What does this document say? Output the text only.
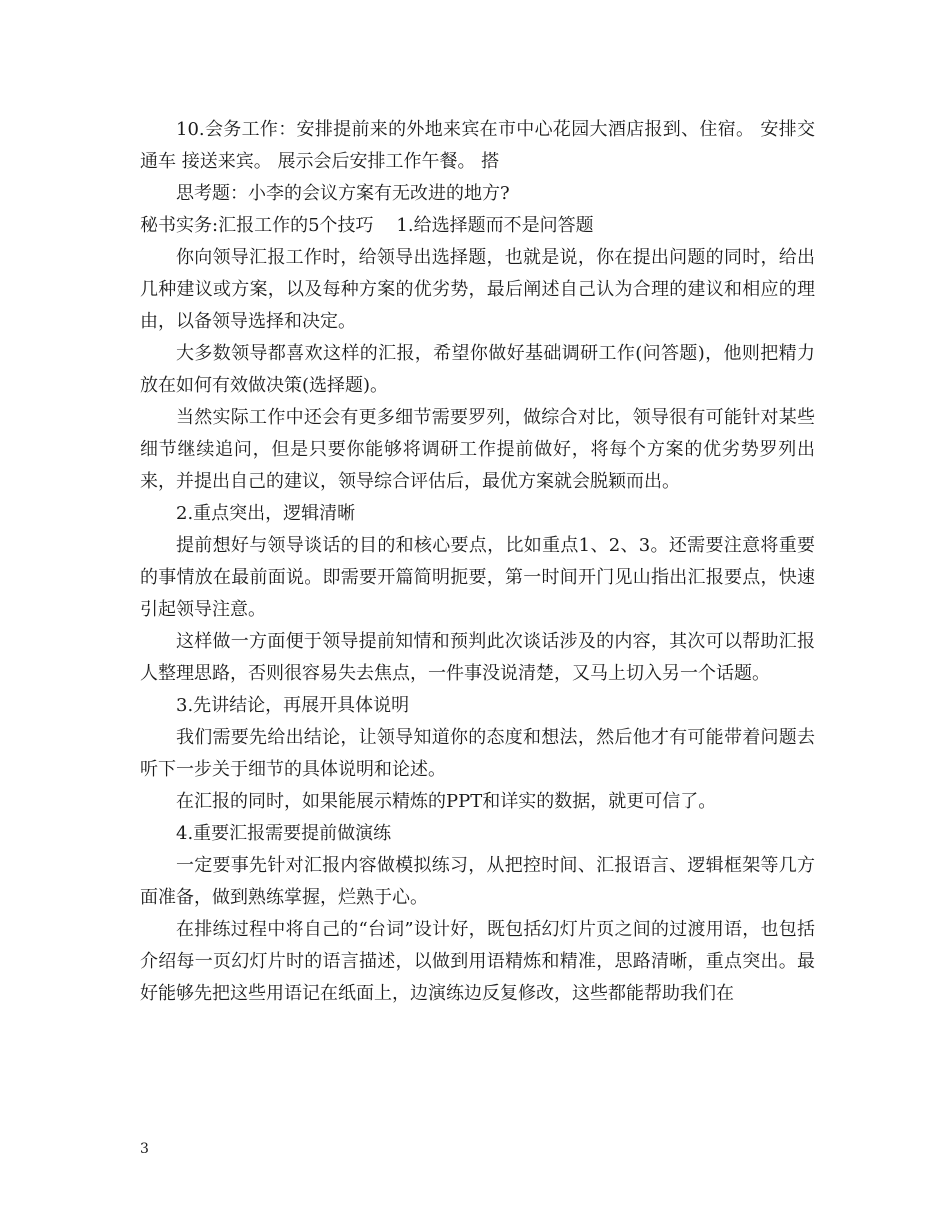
10.会务工作：安排提前来的外地来宾在市中心花园大酒店报到、住宿。 安排交通车 接送来宾。 展示会后安排工作午餐。 搭

思考题：小李的会议方案有无改进的地方?

秘书实务:汇报工作的5个技巧    1.给选择题而不是问答题

你向领导汇报工作时，给领导出选择题，也就是说，你在提出问题的同时，给出几种建议或方案，以及每种方案的优劣势，最后阐述自己认为合理的建议和相应的理由，以备领导选择和决定。

大多数领导都喜欢这样的汇报，希望你做好基础调研工作(问答题)，他则把精力放在如何有效做决策(选择题)。

当然实际工作中还会有更多细节需要罗列，做综合对比，领导很有可能针对某些细节继续追问，但是只要你能够将调研工作提前做好，将每个方案的优劣势罗列出来，并提出自己的建议，领导综合评估后，最优方案就会脱颖而出。

2.重点突出，逻辑清晰

提前想好与领导谈话的目的和核心要点，比如重点1、2、3。还需要注意将重要的事情放在最前面说。即需要开篇简明扼要，第一时间开门见山指出汇报要点，快速引起领导注意。

这样做一方面便于领导提前知情和预判此次谈话涉及的内容，其次可以帮助汇报人整理思路，否则很容易失去焦点，一件事没说清楚，又马上切入另一个话题。

3.先讲结论，再展开具体说明

我们需要先给出结论，让领导知道你的态度和想法，然后他才有可能带着问题去听下一步关于细节的具体说明和论述。

在汇报的同时，如果能展示精炼的PPT和详实的数据，就更可信了。

4.重要汇报需要提前做演练

一定要事先针对汇报内容做模拟练习，从把控时间、汇报语言、逻辑框架等几方面准备，做到熟练掌握，烂熟于心。

在排练过程中将自己的“台词”设计好，既包括幻灯片页之间的过渡用语，也包括介绍每一页幻灯片时的语言描述，以做到用语精炼和精准，思路清晰，重点突出。最好能够先把这些用语记在纸面上，边演练边反复修改，这些都能帮助我们在

3
